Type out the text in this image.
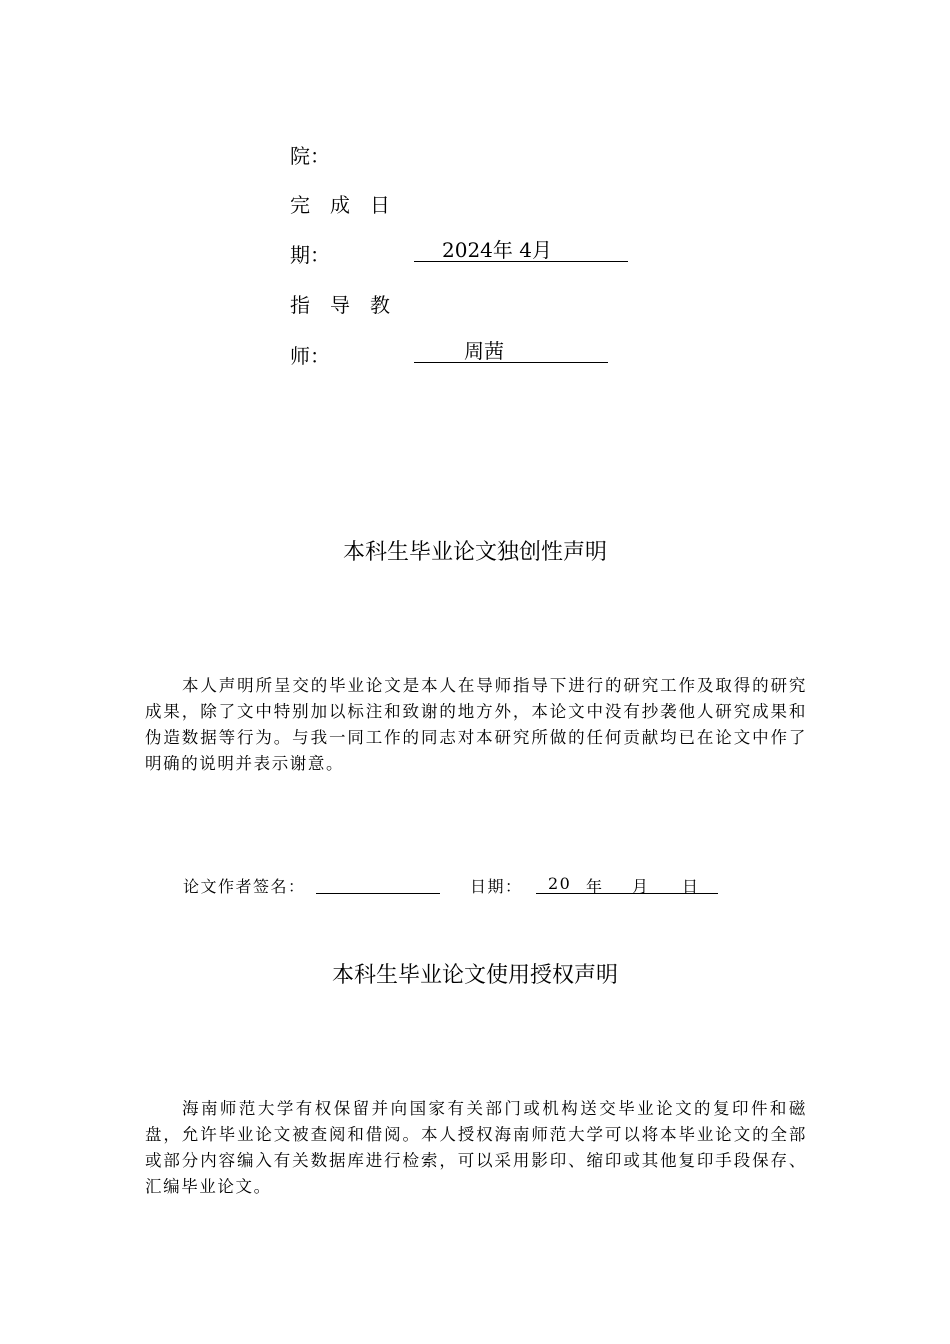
院：
完　成　日
期：	2024年 4月
指　导　教
师：	周茜
本科生毕业论文独创性声明
本人声明所呈交的毕业论文是本人在导师指导下进行的研究工作及取得的研究成果，除了文中特别加以标注和致谢的地方外，本论文中没有抄袭他人研究成果和伪造数据等行为。与我一同工作的同志对本研究所做的任何贡献均已在论文中作了明确的说明并表示谢意。
论文作者签名：	日期： 20 年 月 日
本科生毕业论文使用授权声明
海南师范大学有权保留并向国家有关部门或机构送交毕业论文的复印件和磁盘，允许毕业论文被查阅和借阅。本人授权海南师范大学可以将本毕业论文的全部或部分内容编入有关数据库进行检索，可以采用影印、缩印或其他复印手段保存、汇编毕业论文。
